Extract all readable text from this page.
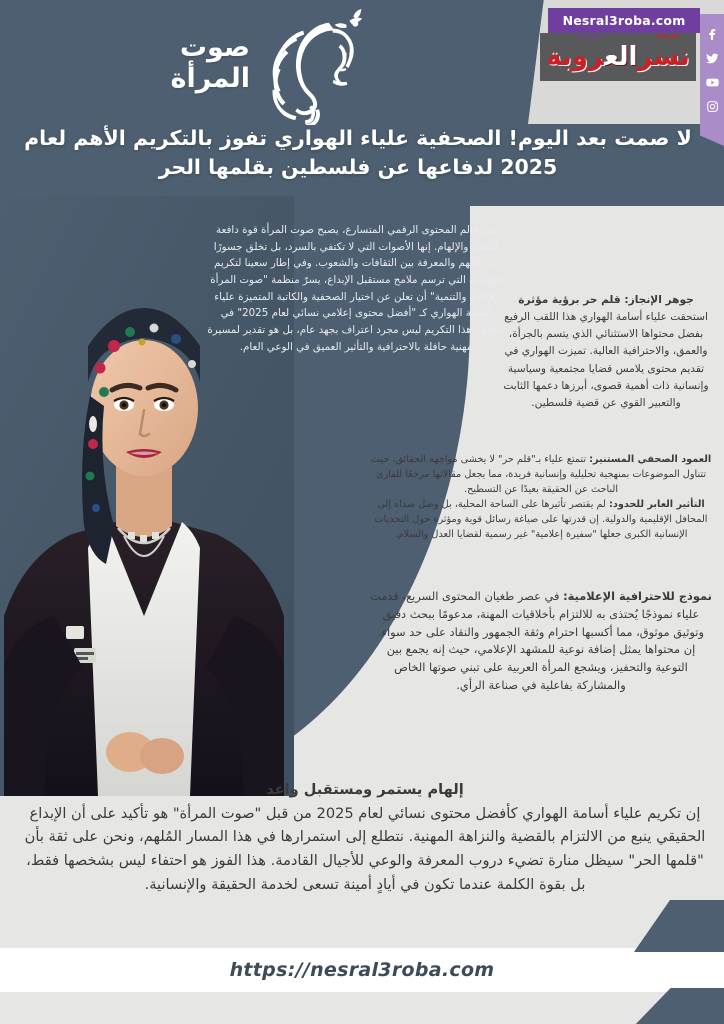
صوت
المرأة
Nesral3roba.com
نسرالعروبة
جريدة
جريدة
لا صمت بعد اليوم! الصحفية علياء الهواري تفوز بالتكريم الأهم لعام 2025 لدفاعها عن فلسطين بقلمها الحر
في عالم المحتوى الرقمي المتسارع، يصبح صوت المرأة قوة دافعة للتغيير والإلهام. إنها الأصوات التي لا تكتفي بالسرد، بل تخلق جسورًا من الفهم والمعرفة بين الثقافات والشعوب. وفي إطار سعينا لتكريم القامات التي ترسم ملامح مستقبل الإبداع، يسرّ منظمة "صوت المرأة للإعلام والتنمية" أن تعلن عن اختيار الصحفية والكاتبة المتميزة علياء أسامة الهواري كـ "أفضل محتوى إعلامي نسائي لعام 2025" في مجالها. هذا التكريم ليس مجرد اعتراف بجهد عام، بل هو تقدير لمسيرة مهنية حافلة بالاحترافية والتأثير العميق في الوعي العام.
جوهر الإنجاز: قلم حر برؤية مؤثرة استحقت علياء أسامة الهواري هذا اللقب الرفيع بفضل محتواها الاستثنائي الذي يتسم بالجرأة، والعمق، والاحترافية العالية. تميزت الهواري في تقديم محتوى يلامس قضايا مجتمعية وسياسية وإنسانية ذات أهمية قصوى، أبرزها دعمها الثابت والتعبير القوي عن قضية فلسطين.
العمود الصحفي المستنير: تتمتع علياء بـ"قلم حر" لا يخشى مواجهة الحقائق، حيث تتناول الموضوعات بمنهجية تحليلية وإنسانية فريدة، مما يجعل مقالاتها مرجعًا للقارئ الباحث عن الحقيقة بعيدًا عن التسطيح.
التأثير العابر للحدود: لم يقتصر تأثيرها على الساحة المحلية، بل وصل صداه إلى المحافل الإقليمية والدولية. إن قدرتها على صياغة رسائل قوية ومؤثرة حول التحديات الإنسانية الكبرى جعلها "سفيرة إعلامية" غير رسمية لقضايا العدل والسلام.
نموذج للاحترافية الإعلامية: في عصر طغيان المحتوى السريع، قدمت علياء نموذجًا يُحتذى به للالتزام بأخلاقيات المهنة، مدعومًا ببحث دقيق وتوثيق موثوق، مما أكسبها احترام وثقة الجمهور والنقاد على حد سواء.
إن محتواها يمثل إضافة نوعية للمشهد الإعلامي، حيث إنه يجمع بين التوعية والتحفيز، ويشجع المرأة العربية على تبني صوتها الخاص والمشاركة بفاعلية في صناعة الرأي.
إلهام يستمر ومستقبل واعد
إن تكريم علياء أسامة الهواري كأفضل محتوى نسائي لعام 2025 من قبل "صوت المرأة" هو تأكيد على أن الإبداع الحقيقي ينبع من الالتزام بالقضية والنزاهة المهنية. نتطلع إلى استمرارها في هذا المسار المُلهم، ونحن على ثقة بأن "قلمها الحر" سيظل منارة تضيء دروب المعرفة والوعي للأجيال القادمة. هذا الفوز هو احتفاء ليس بشخصها فقط، بل بقوة الكلمة عندما تكون في أيادٍ أمينة تسعى لخدمة الحقيقة والإنسانية.
https://nesral3roba.com
